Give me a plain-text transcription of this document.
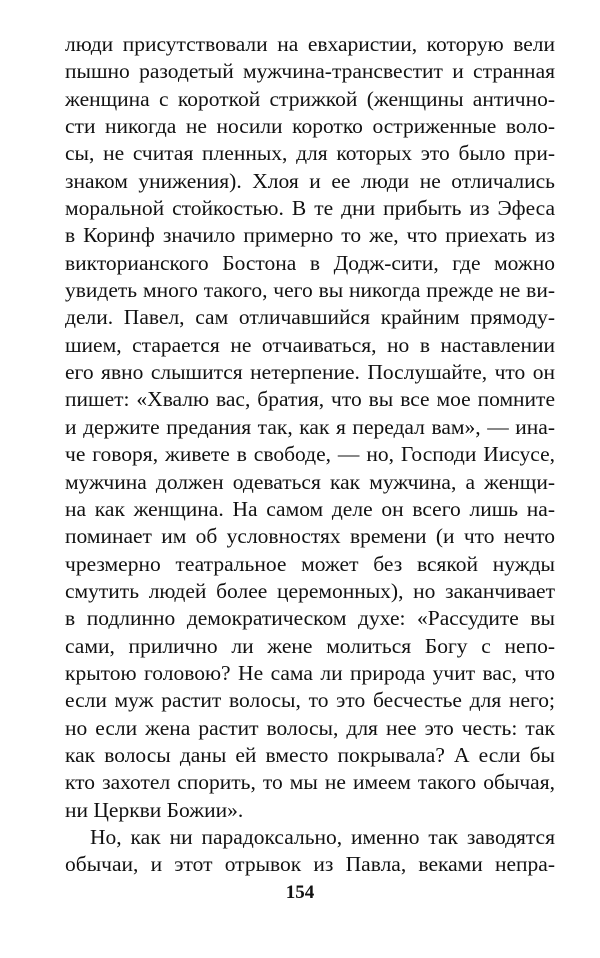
люди присутствовали на евхаристии, которую вели
пышно разодетый мужчина-трансвестит и странная
женщина с короткой стрижкой (женщины антично-
сти никогда не носили коротко остриженные воло-
сы, не считая пленных, для которых это было при-
знаком унижения). Хлоя и ее люди не отличались
моральной стойкостью. В те дни прибыть из Эфеса
в Коринф значило примерно то же, что приехать из
викторианского Бостона в Додж-сити, где можно
увидеть много такого, чего вы никогда прежде не ви-
дели. Павел, сам отличавшийся крайним прямоду-
шием, старается не отчаиваться, но в наставлении
его явно слышится нетерпение. Послушайте, что он
пишет: «Хвалю вас, братия, что вы все мое помните
и держите предания так, как я передал вам», — ина-
че говоря, живете в свободе, — но, Господи Иисусе,
мужчина должен одеваться как мужчина, а женщи-
на как женщина. На самом деле он всего лишь на-
поминает им об условностях времени (и что нечто
чрезмерно театральное может без всякой нужды
смутить людей более церемонных), но заканчивает
в подлинно демократическом духе: «Рассудите вы
сами, прилично ли жене молиться Богу с непо-
крытою головою? Не сама ли природа учит вас, что
если муж растит волосы, то это бесчестье для него;
но если жена растит волосы, для нее это честь: так
как волосы даны ей вместо покрывала? А если бы
кто захотел спорить, то мы не имеем такого обычая,
ни Церкви Божии».
Но, как ни парадоксально, именно так заводятся
обычаи, и этот отрывок из Павла, веками непра-
154
